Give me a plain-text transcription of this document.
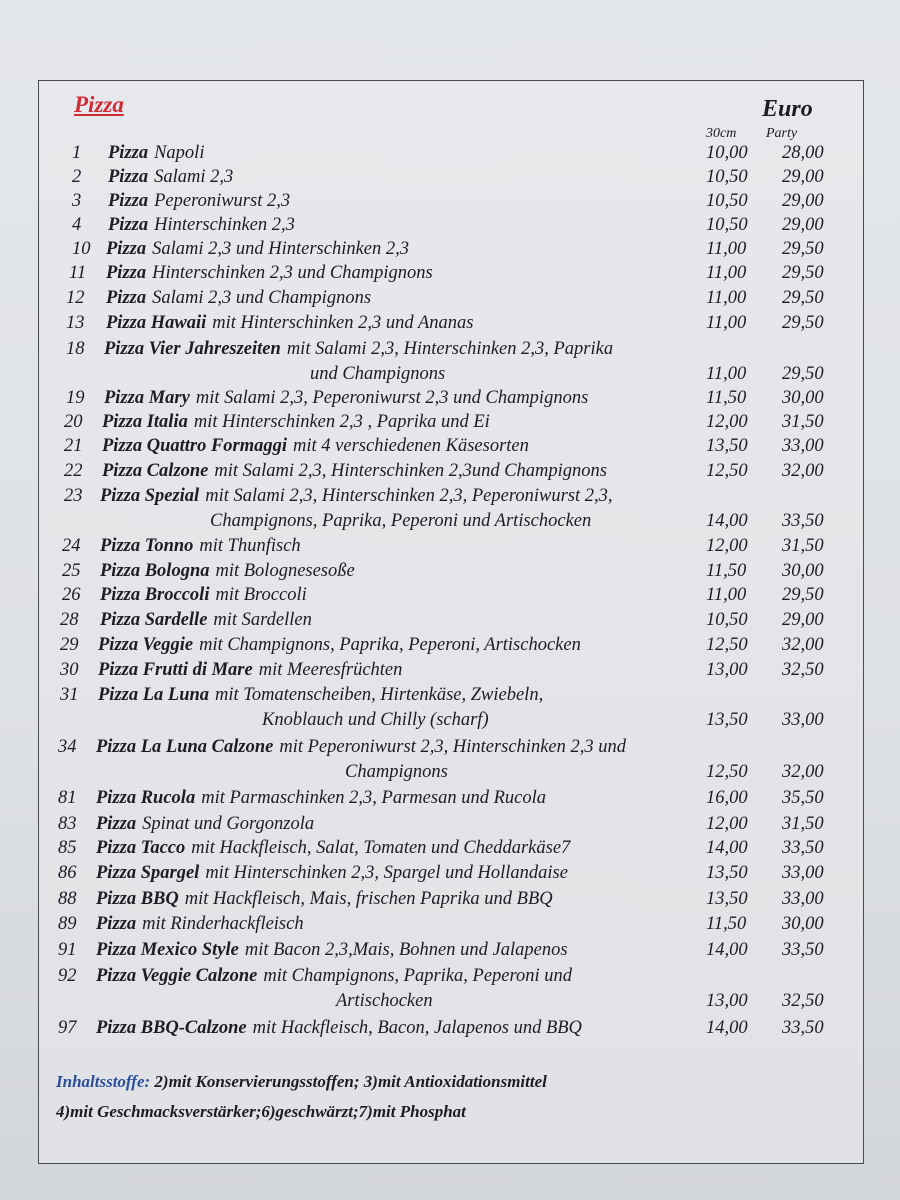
Pizza	Euro
30cm Party
1	Pizza Napoli	10,00 28,00
2	Pizza Salami 2,3	10,50 29,00
3	Pizza Peperoniwurst 2,3	10,50 29,00
4	Pizza Hinterschinken 2,3	10,50 29,00
10 Pizza Salami 2,3 und Hinterschinken 2,3	11,00 29,50
11	Pizza Hinterschinken 2,3 und Champignons	11,00 29,50
12	Pizza Salami 2,3 und Champignons	11,00 29,50
13	Pizza Hawaii mit Hinterschinken 2,3 und Ananas	11,00 29,50
18	Pizza Vier Jahreszeiten mit Salami 2,3, Hinterschinken 2,3, Paprika
und Champignons	11,00 29,50
19	Pizza Mary mit Salami 2,3, Peperoniwurst 2,3 und Champignons	11,50 30,00
20	Pizza Italia mit Hinterschinken 2,3 , Paprika und Ei	12,00 31,50
21	Pizza Quattro Formaggi mit 4 verschiedenen Käsesorten	13,50 33,00
22	Pizza Calzone mit Salami 2,3, Hinterschinken 2,3und Champignons	12,50 32,00
23 Pizza Spezial mit Salami 2,3, Hinterschinken 2,3, Peperoniwurst 2,3,
Champignons, Paprika, Peperoni und Artischocken	14,00 33,50
24	Pizza Tonno mit Thunfisch	12,00 31,50
25	Pizza Bologna mit Bolognesesoße	11,50 30,00
26	Pizza Broccoli mit Broccoli	11,00 29,50
28	Pizza Sardelle mit Sardellen	10,50 29,00
29	Pizza Veggie mit Champignons, Paprika, Peperoni, Artischocken	12,50 32,00
30	Pizza Frutti di Mare mit Meeresfrüchten	13,00 32,50
31	Pizza La Luna mit Tomatenscheiben, Hirtenkäse, Zwiebeln,
Knoblauch und Chilly (scharf)	13,50 33,00
34	Pizza La Luna Calzone mit Peperoniwurst 2,3, Hinterschinken 2,3 und
Champignons	12,50 32,00
81	Pizza Rucola mit Parmaschinken 2,3, Parmesan und Rucola	16,00 35,50
83	Pizza Spinat und Gorgonzola	12,00 31,50
85	Pizza Tacco mit Hackfleisch, Salat, Tomaten und Cheddarkäse7	14,00 33,50
86	Pizza Spargel mit Hinterschinken 2,3, Spargel und Hollandaise	13,50 33,00
88	Pizza BBQ mit Hackfleisch, Mais, frischen Paprika und BBQ	13,50 33,00
89	Pizza mit Rinderhackfleisch	11,50 30,00
91	Pizza Mexico Style mit Bacon 2,3,Mais, Bohnen und Jalapenos	14,00 33,50
92	Pizza Veggie Calzone mit Champignons, Paprika, Peperoni und
Artischocken	13,00 32,50
97	Pizza BBQ-Calzone mit Hackfleisch, Bacon, Jalapenos und BBQ	14,00 33,50
Inhaltsstoffe: 2)mit Konservierungsstoffen; 3)mit Antioxidationsmittel
4)mit Geschmacksverstärker;6)geschwärzt;7)mit Phosphat
